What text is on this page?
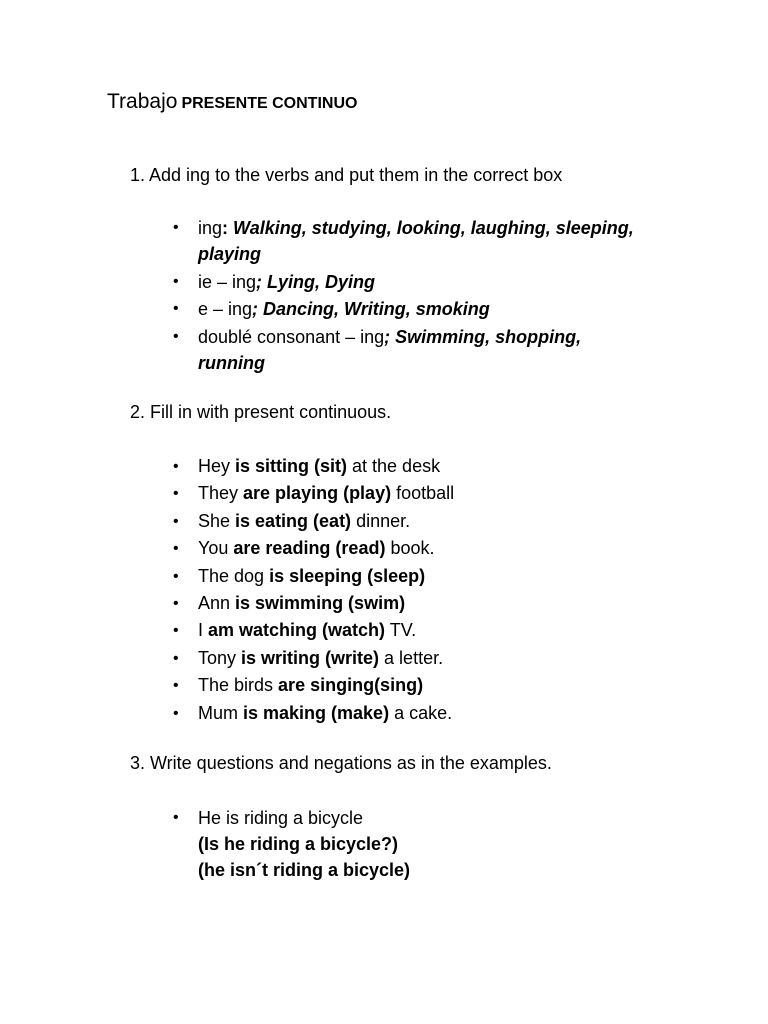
Trabajo PRESENTE CONTINUO
1. Add ing to the verbs and put them in the correct box
• ing: Walking, studying, looking, laughing, sleeping, playing
• ie – ing; Lying, Dying
• e – ing; Dancing, Writing, smoking
• doublé consonant – ing; Swimming, shopping, running
2. Fill in with present continuous.
• Hey is sitting (sit) at the desk
• They are playing (play) football
• She is eating (eat) dinner.
• You are reading (read) book.
• The dog is sleeping (sleep)
• Ann is swimming (swim)
• I am watching (watch) TV.
• Tony is writing (write) a letter.
• The birds are singing(sing)
• Mum is making (make) a cake.
3. Write questions and negations as in the examples.
• He is riding a bicycle
(Is he riding a bicycle?)
(he isn´t riding a bicycle)
